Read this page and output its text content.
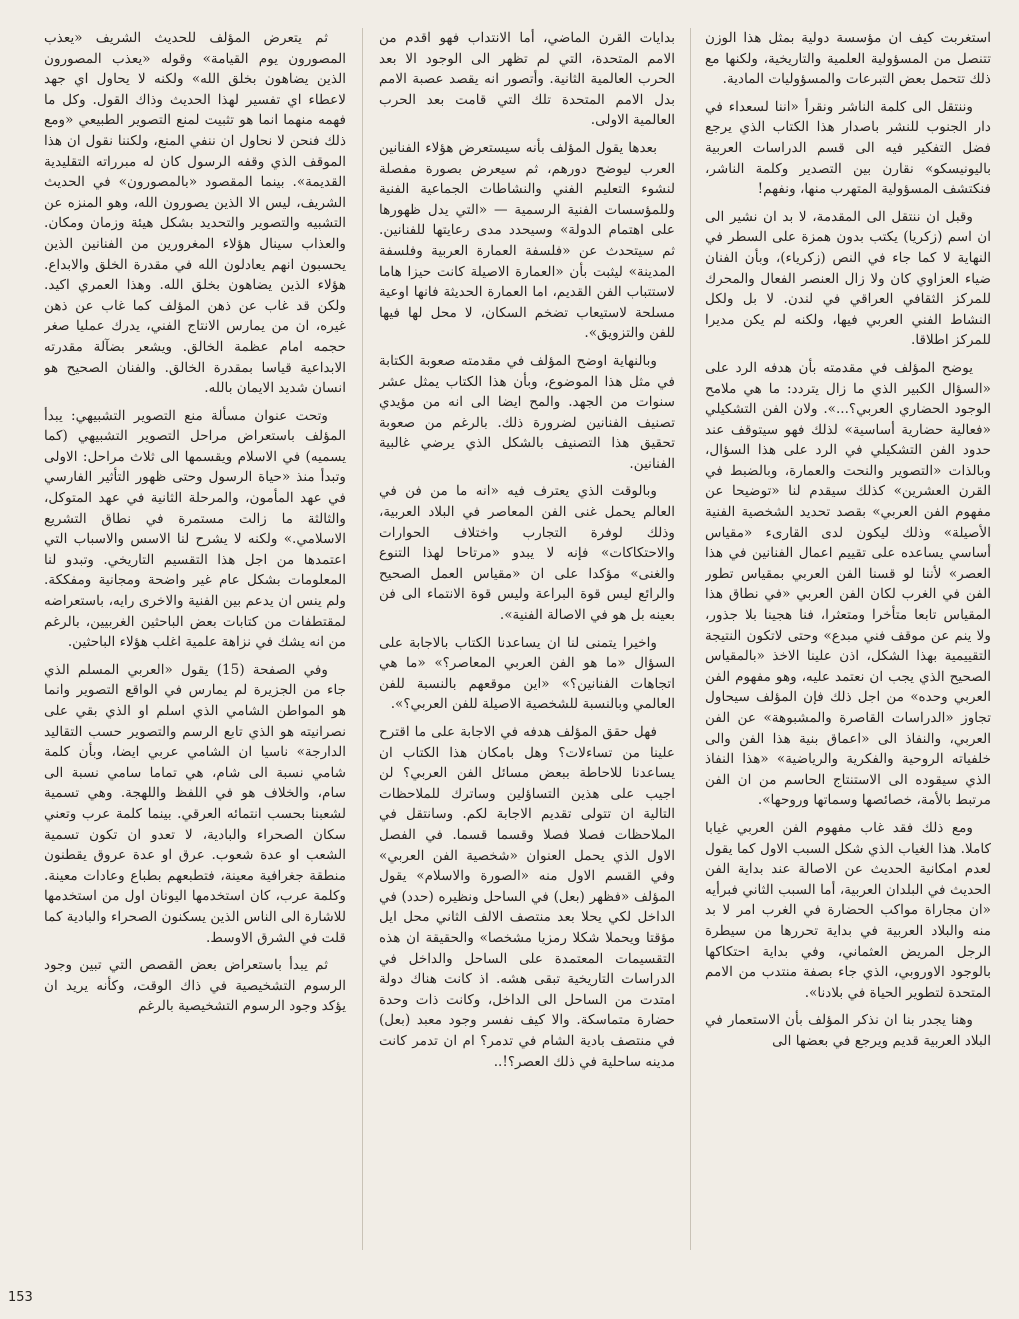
استغربت كيف ان مؤسسة دولية بمثل هذا الوزن تتنصل من المسؤولية العلمية والتاريخية، ولكنها مع ذلك تتحمل بعض التبرعات والمسؤوليات المادية.

وننتقل الى كلمة الناشر ونقرأ «اننا لسعداء في دار الجنوب للنشر باصدار هذا الكتاب الذي يرجع فضل التفكير فيه الى قسم الدراسات العربية باليونيسكو» نقارن بين التصدير وكلمة الناشر، فنكتشف المسؤولية المتهرب منها، ونفهم!

وقبل ان ننتقل الى المقدمة، لا بد ان نشير الى ان اسم (زكريا) يكتب بدون همزة على السطر في النهاية لا كما جاء في النص (زكرياء)، وبأن الفنان ضياء العزاوي كان ولا زال العنصر الفعال والمحرك للمركز الثقافي العراقي في لندن. لا بل ولكل النشاط الفني العربي فيها، ولكنه لم يكن مديرا للمركز اطلاقا.

يوضح المؤلف في مقدمته بأن هدفه الرد على «السؤال الكبير الذي ما زال يتردد: ما هي ملامح الوجود الحضاري العربي؟...». ولان الفن التشكيلي «فعالية حضارية أساسية» لذلك فهو سيتوقف عند حدود الفن التشكيلي في الرد على هذا السؤال، وبالذات «التصوير والنحت والعمارة، وبالضبط في القرن العشرين» كذلك سيقدم لنا «توضيحا عن مفهوم الفن العربي» بقصد تحديد الشخصية الفنية الأصيلة» وذلك ليكون لدى القارىء «مقياس أساسي يساعده على تقييم اعمال الفنانين في هذا العصر» لأننا لو قسنا الفن العربي بمقياس تطور الفن في الغرب لكان الفن العربي «في نطاق هذا المقياس تابعا متأخرا ومتعثرا، فنا هجينا بلا جذور، ولا ينم عن موقف فني مبدع» وحتى لاتكون النتيجة التقييمية بهذا الشكل، اذن علينا الاخذ «بالمقياس الصحيح الذي يجب ان نعتمد عليه، وهو مفهوم الفن العربي وحده» من اجل ذلك فإن المؤلف سيحاول تجاوز «الدراسات القاصرة والمشبوهة» عن الفن العربي، والنفاذ الى «اعماق بنية هذا الفن والى خلفياته الروحية والفكرية والرياضية» «هذا النفاذ الذي سيقوده الى الاستنتاج الحاسم من ان الفن مرتبط بالأمة، خصائصها وسماتها وروحها».

ومع ذلك فقد غاب مفهوم الفن العربي غيابا كاملا. هذا الغياب الذي شكل السبب الاول كما يقول لعدم امكانية الحديث عن الاصالة عند بداية الفن الحديث في البلدان العربية، أما السبب الثاني فبرأيه «ان مجاراة مواكب الحضارة في الغرب امر لا بد منه والبلاد العربية في بداية تحررها من سيطرة الرجل المريض العثماني، وفي بداية احتكاكها بالوجود الاوروبي، الذي جاء بصفة منتدب من الامم المتحدة لتطوير الحياة في بلادنا».

وهنا يجدر بنا ان نذكر المؤلف بأن الاستعمار في البلاد العربية قديم ويرجع في بعضها الى

بدايات القرن الماضي، أما الانتداب فهو اقدم من الامم المتحدة، التي لم تظهر الى الوجود الا بعد الحرب العالمية الثانية. وأتصور انه يقصد عصبة الامم بدل الامم المتحدة تلك التي قامت بعد الحرب العالمية الاولى.

بعدها يقول المؤلف بأنه سيستعرض هؤلاء الفنانين العرب ليوضح دورهم، ثم سيعرض بصورة مفصلة لنشوء التعليم الفني والنشاطات الجماعية الفنية وللمؤسسات الفنية الرسمية — «التي يدل ظهورها على اهتمام الدولة» وسيحدد مدى رعايتها للفنانين. ثم سيتحدث عن «فلسفة العمارة العربية وفلسفة المدينة» ليثبت بأن «العمارة الاصيلة كانت حيزا هاما لاستتباب الفن القديم، اما العمارة الحديثة فانها اوعية مسلحة لاستيعاب تضخم السكان، لا محل لها فيها للفن والتزويق».

وبالنهاية اوضح المؤلف في مقدمته صعوبة الكتابة في مثل هذا الموضوع، وبأن هذا الكتاب يمثل عشر سنوات من الجهد. والمح ايضا الى انه من مؤيدي تصنيف الفنانين لضرورة ذلك. بالرغم من صعوبة تحقيق هذا التصنيف بالشكل الذي يرضي غالبية الفنانين.

وبالوقت الذي يعترف فيه «انه ما من فن في العالم يحمل غنى الفن المعاصر في البلاد العربية، وذلك لوفرة التجارب واختلاف الحوارات والاحتكاكات» فإنه لا يبدو «مرتاحا لهذا التنوع والغنى» مؤكدا على ان «مقياس العمل الصحيح والرائع ليس قوة البراعة وليس قوة الانتماء الى فن بعينه بل هو في الاصالة الفنية».

واخيرا يتمنى لنا ان يساعدنا الكتاب بالاجابة على السؤال «ما هو الفن العربي المعاصر؟» «ما هي اتجاهات الفنانين؟» «اين موقعهم بالنسبة للفن العالمي وبالنسبة للشخصية الاصيلة للفن العربي؟».

فهل حقق المؤلف هدفه في الاجابة على ما اقترح علينا من تساءلات؟ وهل بامكان هذا الكتاب ان يساعدنا للاحاطة ببعض مسائل الفن العربي؟ لن اجيب على هذين التساؤلين وساترك للملاحظات التالية ان تتولى تقديم الاجابة لكم. وسانتقل في الملاحظات فصلا فصلا وقسما قسما. في الفصل الاول الذي يحمل العنوان «شخصية الفن العربي» وفي القسم الاول منه «الصورة والاسلام» يقول المؤلف «فظهر (بعل) في الساحل ونظيره (حدد) في الداخل لكي يحلا بعد منتصف الالف الثاني محل ايل مؤقتا ويحملا شكلا رمزيا مشخصا» والحقيقة ان هذه التقسيمات المعتمدة على الساحل والداخل في الدراسات التاريخية تبقى هشه. اذ كانت هناك دولة امتدت من الساحل الى الداخل، وكانت ذات وحدة حضارة متماسكة. والا كيف نفسر وجود معبد (بعل) في منتصف بادية الشام في تدمر؟ ام ان تدمر كانت مدينه ساحلية في ذلك العصر؟!..

ثم يتعرض المؤلف للحديث الشريف «يعذب المصورون يوم القيامة» وقوله «يعذب المصورون الذين يضاهون بخلق الله» ولكنه لا يحاول اي جهد لاعطاء اي تفسير لهذا الحديث وذاك القول. وكل ما فهمه منهما انما هو تثبيت لمنع التصوير الطبيعي «ومع ذلك فنحن لا نحاول ان ننفي المنع، ولكننا نقول ان هذا الموقف الذي وقفه الرسول كان له مبرراته التقليدية القديمة». بينما المقصود «بالمصورون» في الحديث الشريف، ليس الا الذين يصورون الله، وهو المنزه عن التشبيه والتصوير والتحديد بشكل هيئة وزمان ومكان. والعذاب سينال هؤلاء المغرورين من الفنانين الذين يحسبون انهم يعادلون الله في مقدرة الخلق والابداع. هؤلاء الذين يضاهون بخلق الله. وهذا العمري اكيد. ولكن قد غاب عن ذهن المؤلف كما غاب عن ذهن غيره، ان من يمارس الانتاج الفني، يدرك عمليا صغر حجمه امام عظمة الخالق. ويشعر بضآلة مقدرته الابداعية قياسا بمقدرة الخالق. والفنان الصحيح هو انسان شديد الايمان بالله.

وتحت عنوان مسألة منع التصوير التشبيهي: يبدأ المؤلف باستعراض مراحل التصوير التشبيهي (كما يسميه) في الاسلام ويقسمها الى ثلاث مراحل: الاولى وتبدأ منذ «حياة الرسول وحتى ظهور التأثير الفارسي في عهد المأمون، والمرحلة الثانية في عهد المتوكل، والثالثة ما زالت مستمرة في نطاق التشريع الاسلامي.» ولكنه لا يشرح لنا الاسس والاسباب التي اعتمدها من اجل هذا التقسيم التاريخي. وتبدو لنا المعلومات بشكل عام غير واضحة ومجانية ومفككة. ولم ينس ان يدعم بين الفنية والاخرى رايه، باستعراضه لمقتطفات من كتابات بعض الباحثين الغربيين، بالرغم من انه يشك في نزاهة علمية اغلب هؤلاء الباحثين.

وفي الصفحة (15) يقول «العربي المسلم الذي جاء من الجزيرة لم يمارس في الواقع التصوير وانما هو المواطن الشامي الذي اسلم او الذي بقي على نصرانيته هو الذي تابع الرسم والتصوير حسب التقاليد الدارجة» ناسيا ان الشامي عربي ايضا، وبأن كلمة شامي نسبة الى شام، هي تماما سامي نسبة الى سام، والخلاف هو في اللفظ واللهجة. وهي تسمية لشعبنا بحسب انتمائه العرقي. بينما كلمة عرب وتعني سكان الصحراء والبادية، لا تعدو ان تكون تسمية الشعب او عدة شعوب. عرق او عدة عروق يقطنون منطقة جغرافية معينة، فتطبعهم بطباع وعادات معينة. وكلمة عرب، كان استخدمها اليونان اول من استخدمها للاشارة الى الناس الذين يسكنون الصحراء والبادية كما قلت في الشرق الاوسط.

ثم يبدأ باستعراض بعض القصص التي تبين وجود الرسوم التشخيصية في ذاك الوقت، وكأنه يريد ان يؤكد وجود الرسوم التشخيصية بالرغم

153
